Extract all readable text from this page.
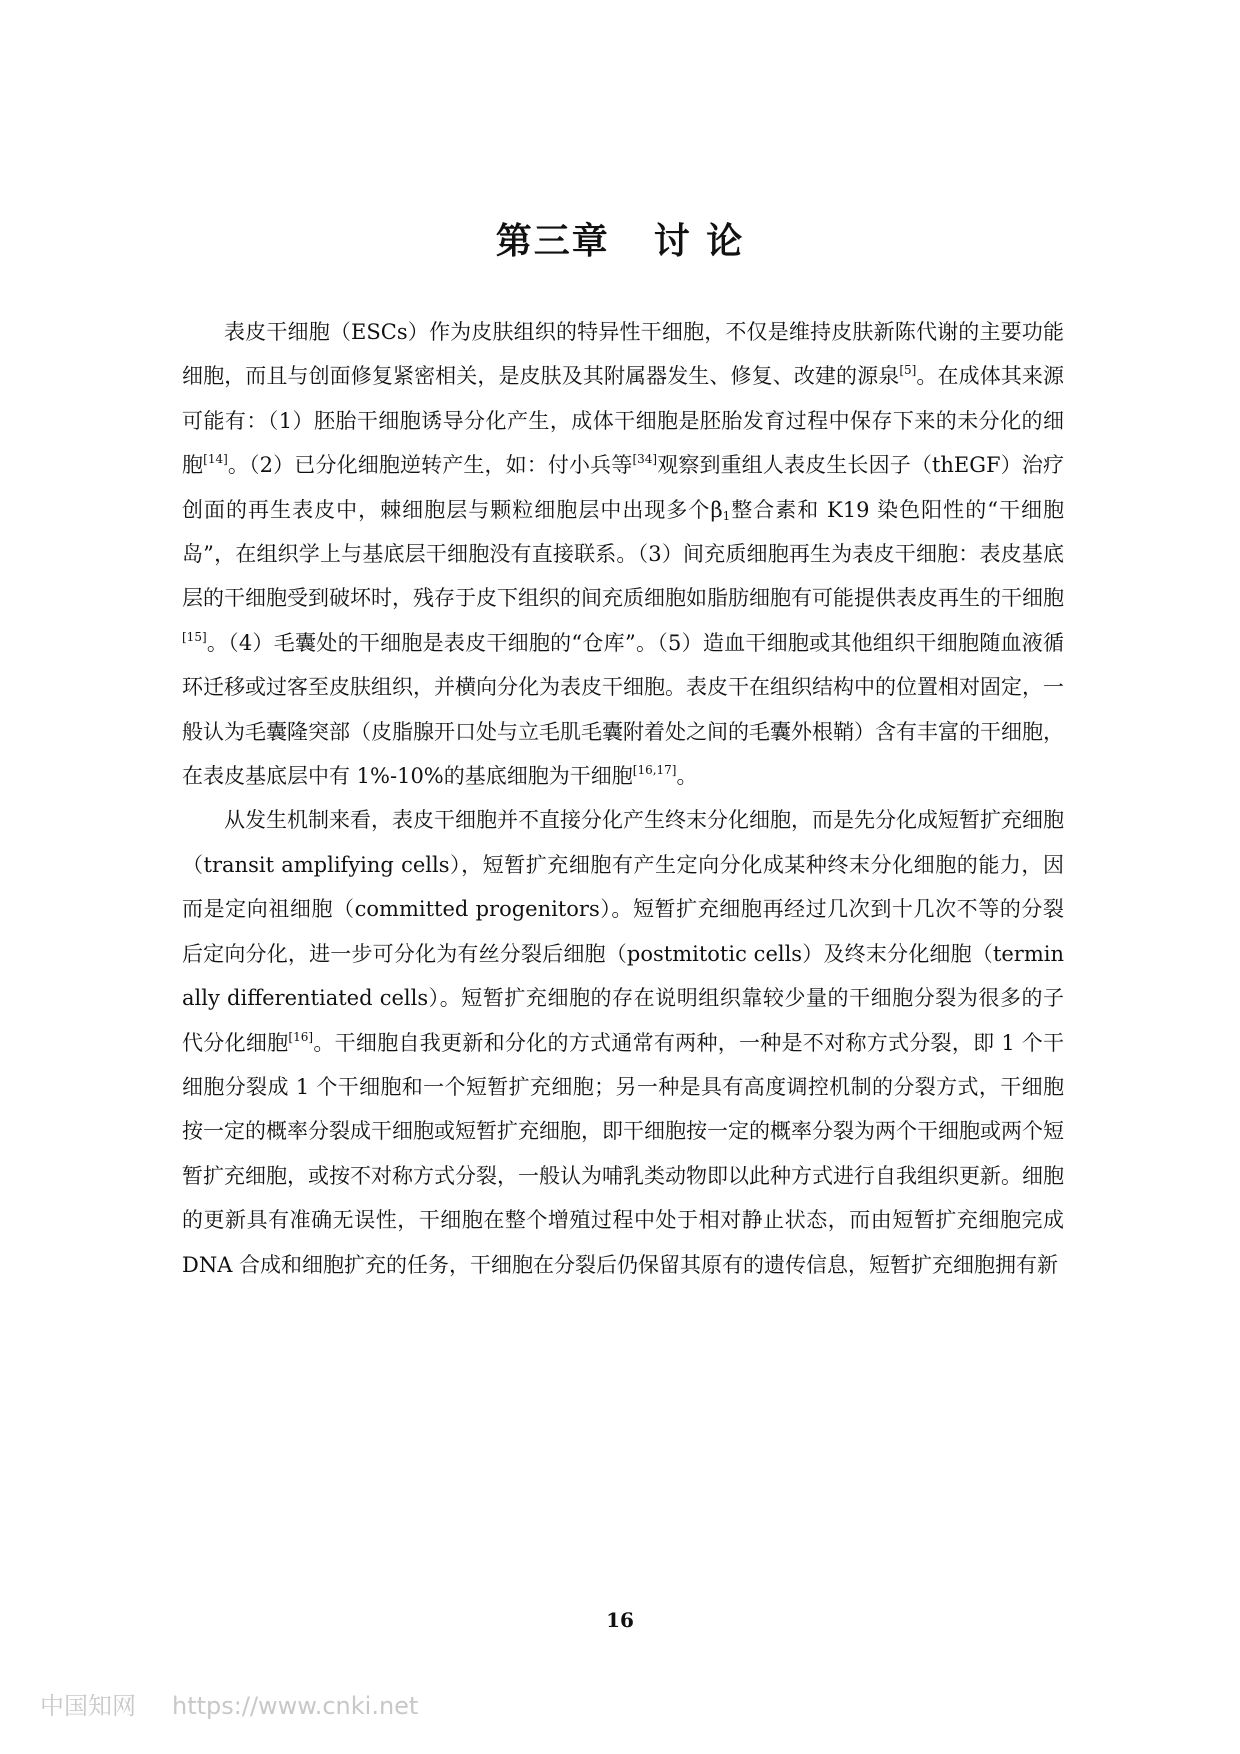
第三章 讨 论

表皮干细胞（ESCs）作为皮肤组织的特异性干细胞，不仅是维持皮肤新陈代谢的主要功能细胞，而且与创面修复紧密相关，是皮肤及其附属器发生、修复、改建的源泉[5]。在成体其来源可能有：（1）胚胎干细胞诱导分化产生，成体干细胞是胚胎发育过程中保存下来的未分化的细胞[14]。（2）已分化细胞逆转产生，如：付小兵等[34]观察到重组人表皮生长因子（thEGF）治疗创面的再生表皮中，棘细胞层与颗粒细胞层中出现多个$\beta_1$整合素和 K19 染色阳性的“干细胞岛”，在组织学上与基底层干细胞没有直接联系。（3）间充质细胞再生为表皮干细胞：表皮基底层的干细胞受到破坏时，残存于皮下组织的间充质细胞如脂肪细胞有可能提供表皮再生的干细胞[15]。（4）毛囊处的干细胞是表皮干细胞的“仓库”。（5）造血干细胞或其他组织干细胞随血液循环迁移或过客至皮肤组织，并横向分化为表皮干细胞。表皮干在组织结构中的位置相对固定，一般认为毛囊隆突部（皮脂腺开口处与立毛肌毛囊附着处之间的毛囊外根鞘）含有丰富的干细胞，在表皮基底层中有 1%-10%的基底细胞为干细胞[16,17]。

从发生机制来看，表皮干细胞并不直接分化产生终末分化细胞，而是先分化成短暂扩充细胞（transit amplifying cells），短暂扩充细胞有产生定向分化成某种终末分化细胞的能力，因而是定向祖细胞（committed progenitors）。短暂扩充细胞再经过几次到十几次不等的分裂后定向分化，进一步可分化为有丝分裂后细胞（postmitotic cells）及终末分化细胞（terminally differentiated cells）。短暂扩充细胞的存在说明组织靠较少量的干细胞分裂为很多的子代分化细胞[16]。干细胞自我更新和分化的方式通常有两种，一种是不对称方式分裂，即 1 个干细胞分裂成 1 个干细胞和一个短暂扩充细胞；另一种是具有高度调控机制的分裂方式，干细胞按一定的概率分裂成干细胞或短暂扩充细胞，即干细胞按一定的概率分裂为两个干细胞或两个短暂扩充细胞，或按不对称方式分裂，一般认为哺乳类动物即以此种方式进行自我组织更新。细胞的更新具有准确无误性，干细胞在整个增殖过程中处于相对静止状态，而由短暂扩充细胞完成 DNA 合成和细胞扩充的任务，干细胞在分裂后仍保留其原有的遗传信息，短暂扩充细胞拥有新

16
中国知网 https://www.cnki.net
